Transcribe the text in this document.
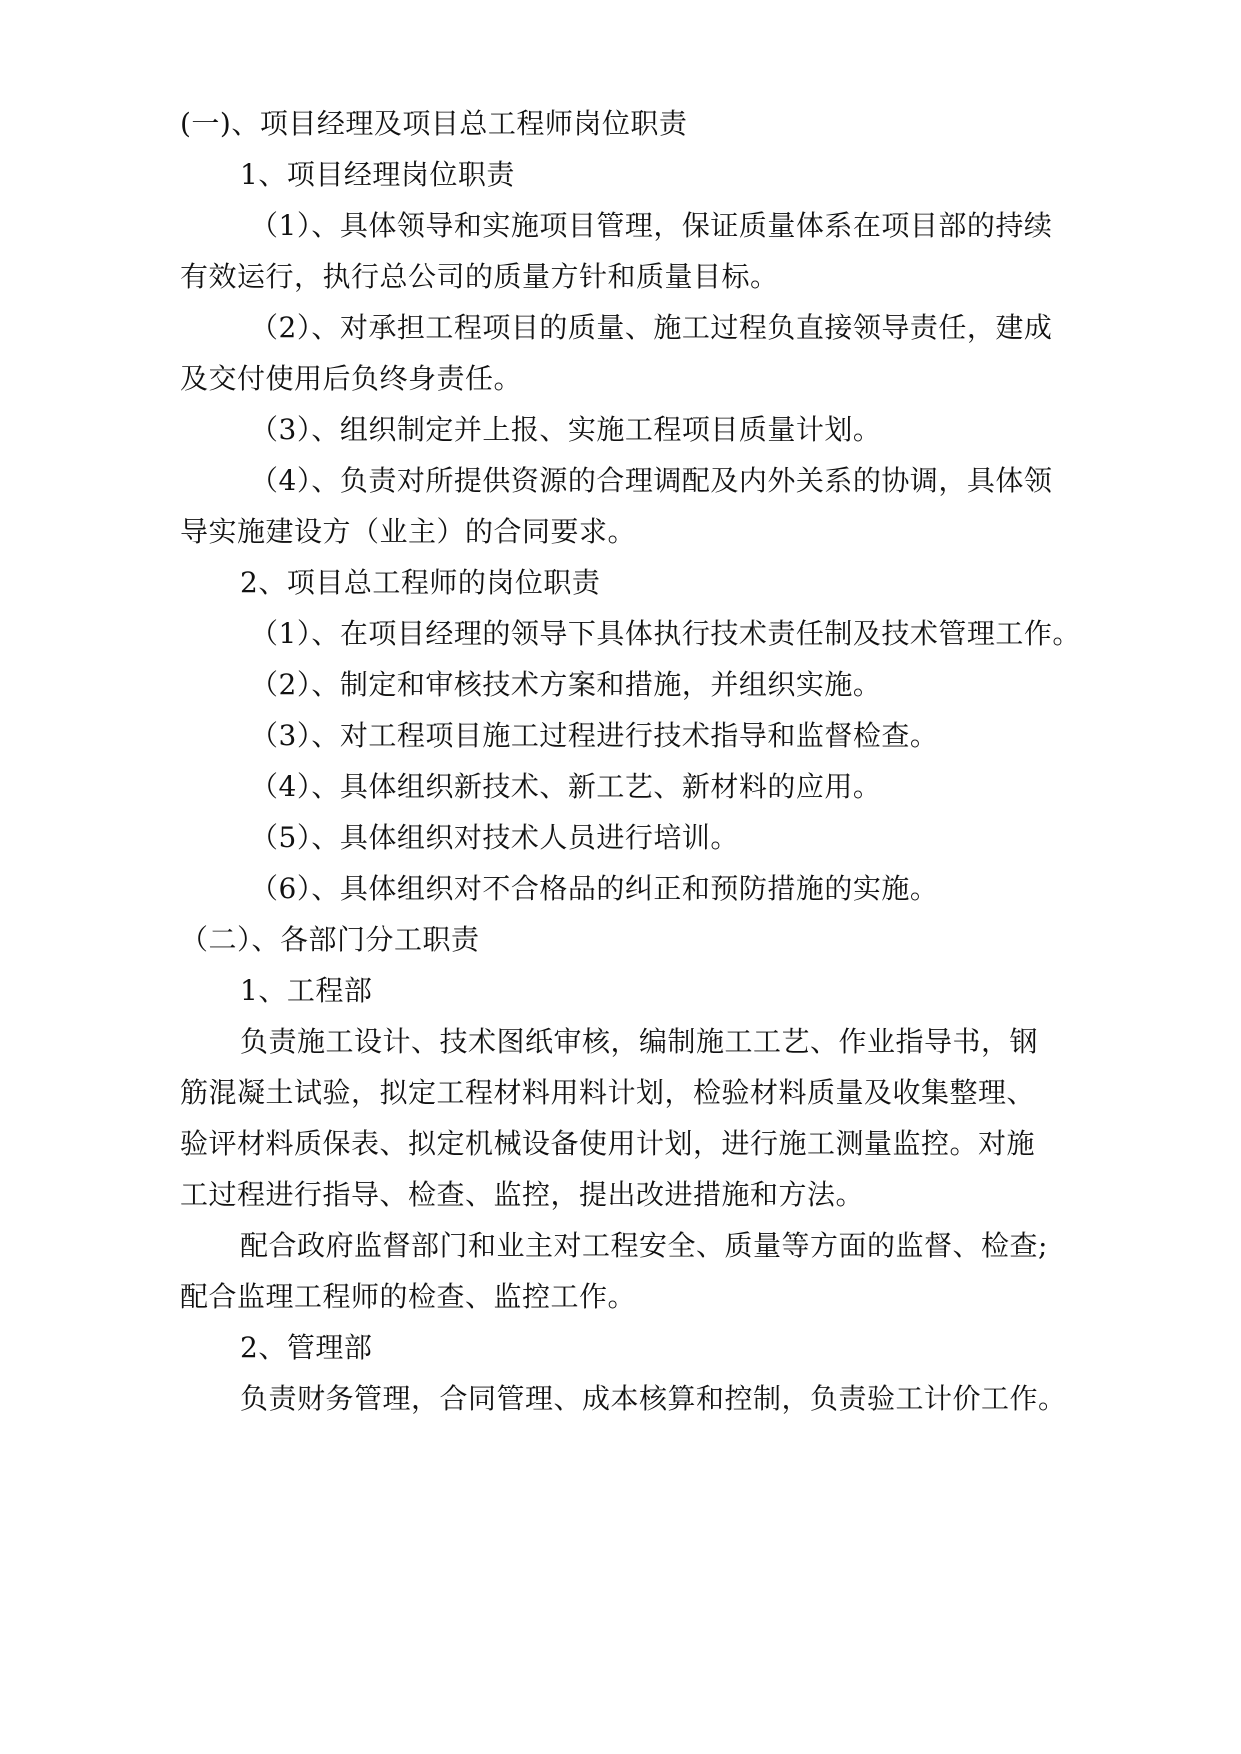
(一)、项目经理及项目总工程师岗位职责
1、项目经理岗位职责
（1）、具体领导和实施项目管理，保证质量体系在项目部的持续
有效运行，执行总公司的质量方针和质量目标。
（2）、对承担工程项目的质量、施工过程负直接领导责任，建成
及交付使用后负终身责任。
（3）、组织制定并上报、实施工程项目质量计划。
（4）、负责对所提供资源的合理调配及内外关系的协调，具体领
导实施建设方（业主）的合同要求。
2、项目总工程师的岗位职责
（1）、在项目经理的领导下具体执行技术责任制及技术管理工作。
（2）、制定和审核技术方案和措施，并组织实施。
（3）、对工程项目施工过程进行技术指导和监督检查。
（4）、具体组织新技术、新工艺、新材料的应用。
（5）、具体组织对技术人员进行培训。
（6）、具体组织对不合格品的纠正和预防措施的实施。
（二）、各部门分工职责
1、工程部
负责施工设计、技术图纸审核，编制施工工艺、作业指导书，钢
筋混凝土试验，拟定工程材料用料计划，检验材料质量及收集整理、
验评材料质保表、拟定机械设备使用计划，进行施工测量监控。对施
工过程进行指导、检查、监控，提出改进措施和方法。
配合政府监督部门和业主对工程安全、质量等方面的监督、检查;
配合监理工程师的检查、监控工作。
2、管理部
负责财务管理，合同管理、成本核算和控制，负责验工计价工作。
